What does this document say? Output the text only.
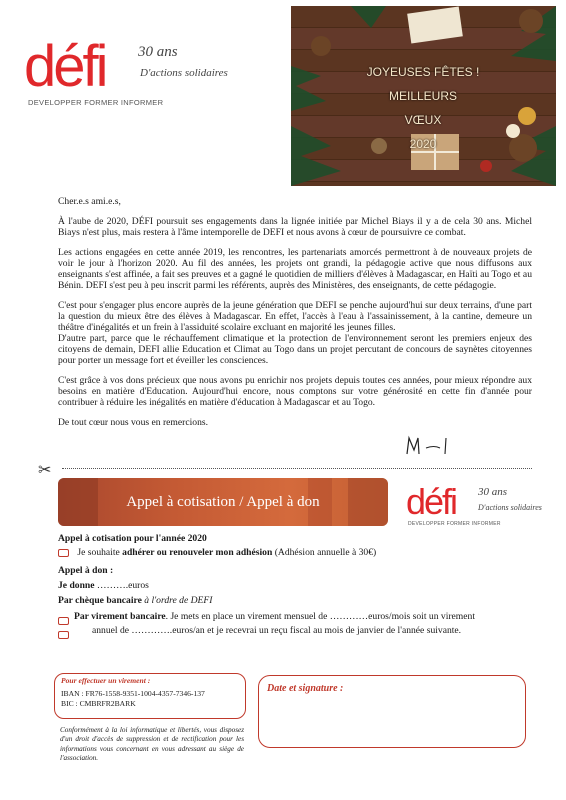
défi
DEVELOPPER FORMER INFORMER
30 ans
D'actions solidaires	JOYEUSES FÊTES !
MEILLEURS
VŒUX
2020

Cher.e.s ami.e.s,

À l'aube de 2020, DÉFI poursuit ses engagements dans la lignée initiée par Michel Biays il y a de cela 30 ans. Michel Biays n'est plus, mais restera à l'âme intemporelle de DEFI et nous avons à cœur de poursuivre ce combat.

Les actions engagées en cette année 2019, les rencontres, les partenariats amorcés permettront à de nouveaux projets de voir le jour à l'horizon 2020. Au fil des années, les projets ont grandi, la pédagogie active que nous diffusons aux enseignants s'est affinée, a fait ses preuves et a gagné le quotidien de milliers d'élèves à Madagascar, en Haïti au Togo et au Bénin. DEFI s'est peu à peu inscrit parmi les référents, auprès des Ministères, des enseignants, de cette pédagogie.

C'est pour s'engager plus encore auprès de la jeune génération que DEFI se penche aujourd'hui sur deux terrains, d'une part la question du mieux être des élèves à Madagascar. En effet, l'accès à l'eau à l'assainissement, à la cantine, demeure un théâtre d'inégalités et un frein à l'assiduité scolaire excluant en majorité les jeunes filles.

D'autre part, parce que le réchauffement climatique et la protection de l'environnement seront les premiers enjeux des citoyens de demain, DEFI allie Education et Climat au Togo dans un projet percutant de concours de saynètes citoyennes pour porter un message fort et éveiller les consciences.

C'est grâce à vos dons précieux que nous avons pu enrichir nos projets depuis toutes ces années, pour mieux répondre aux besoins en matière d'Education. Aujourd'hui encore, nous comptons sur votre générosité en cette fin d'année pour contribuer à réduire les inégalités en matière d'éducation à Madagascar et au Togo.

De tout cœur nous vous en remercions.

✂
Appel à cotisation / Appel à don	défi
DEVELOPPER FORMER INFORMER
30 ans
D'actions solidaires
Appel à cotisation pour l'année 2020
Je souhaite adhérer ou renouveler mon adhésion (Adhésion annuelle à 30€)
Appel à don :
Je donne ……….euros
Par chèque bancaire à l'ordre de DEFI
Par virement bancaire. Je mets en place un virement mensuel de …………euros/mois soit un virement
annuel de ………….euros/an et je recevrai un reçu fiscal au mois de janvier de l'année suivante.
Pour effectuer un virement :
IBAN : FR76-1558-9351-1004-4357-7346-137
BIC : CMBRFR2BARK
Conformément à la loi informatique et libertés, vous disposez d'un droit d'accès de suppression et de rectification pour les informations vous concernant en vous adressant au siège de l'association.
Date et signature :
